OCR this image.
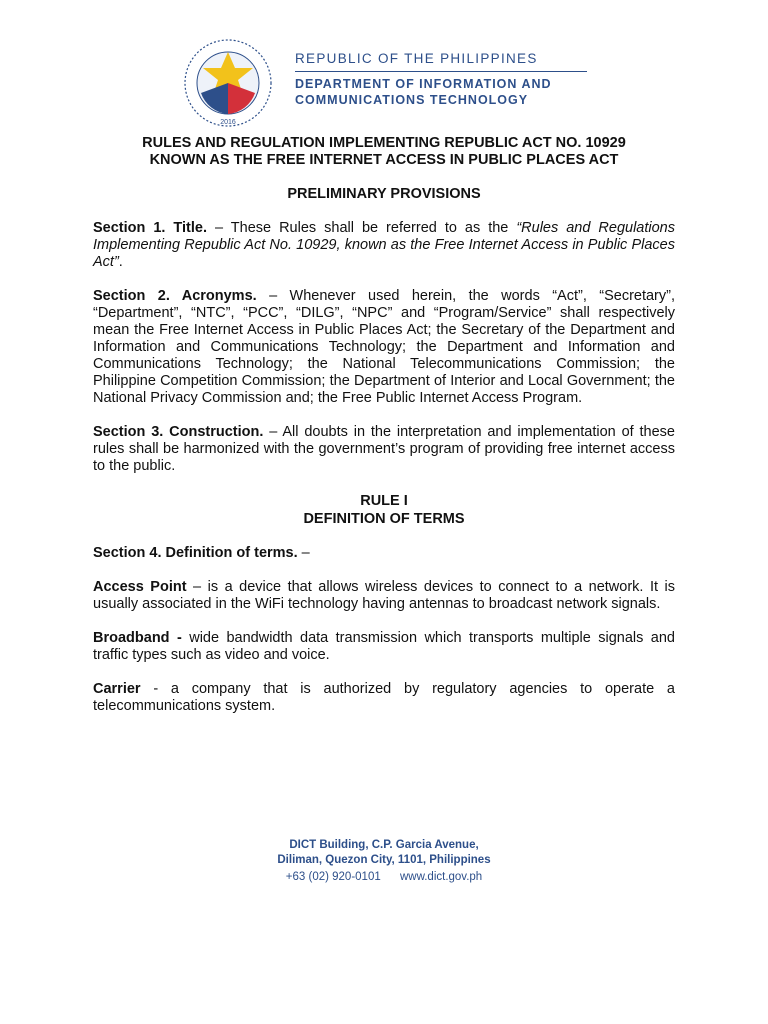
2016
REPUBLIC OF THE PHILIPPINES
DEPARTMENT OF INFORMATION AND
COMMUNICATIONS TECHNOLOGY
RULES AND REGULATION IMPLEMENTING REPUBLIC ACT NO. 10929
KNOWN AS THE FREE INTERNET ACCESS IN PUBLIC PLACES ACT
PRELIMINARY PROVISIONS

Section 1. Title. – These Rules shall be referred to as the “Rules and Regulations Implementing Republic Act No. 10929, known as the Free Internet Access in Public Places Act”.

Section 2. Acronyms. – Whenever used herein, the words “Act”, “Secretary”, “Department”, “NTC”, “PCC”, “DILG”, “NPC” and “Program/Service” shall respectively mean the Free Internet Access in Public Places Act; the Secretary of the Department and Information and Communications Technology; the Department and Information and Communications Technology; the National Telecommunications Commission; the Philippine Competition Commission; the Department of Interior and Local Government; the National Privacy Commission and; the Free Public Internet Access Program.

Section 3. Construction. – All doubts in the interpretation and implementation of these rules shall be harmonized with the government’s program of providing free internet access to the public.

RULE I
DEFINITION OF TERMS

Section 4. Definition of terms. –

Access Point – is a device that allows wireless devices to connect to a network. It is usually associated in the WiFi technology having antennas to broadcast network signals.

Broadband - wide bandwidth data transmission which transports multiple signals and traffic types such as video and voice.

Carrier - a company that is authorized by regulatory agencies to operate a telecommunications system.

DICT Building, C.P. Garcia Avenue,
Diliman, Quezon City, 1101, Philippines
+63 (02) 920-0101 www.dict.gov.ph
